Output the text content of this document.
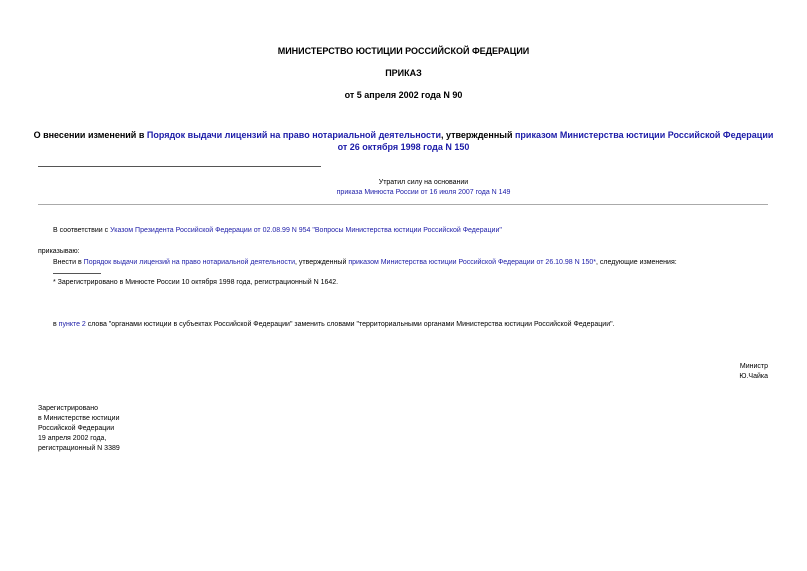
МИНИСТЕРСТВО ЮСТИЦИИ РОССИЙСКОЙ ФЕДЕРАЦИИ
ПРИКАЗ
от 5 апреля 2002 года N 90
О внесении изменений в Порядок выдачи лицензий на право нотариальной деятельности, утвержденный приказом Министерства юстиции Российской Федерации
от 26 октября 1998 года N 150
Утратил силу на основании
приказа Минюста России от 16 июля 2007 года N 149
В соответствии с Указом Президента Российской Федерации от 02.08.99 N 954 "Вопросы Министерства юстиции Российской Федерации"
приказываю:
Внести в Порядок выдачи лицензий на право нотариальной деятельности, утвержденный приказом Министерства юстиции Российской Федерации от 26.10.98 N 150*, следующие изменения:
* Зарегистрировано в Минюсте России 10 октября 1998 года, регистрационный N 1642.
в пункте 2 слова "органами юстиции в субъектах Российской Федерации" заменить словами "территориальными органами Министерства юстиции Российской Федерации".
Министр
Ю.Чайка
Зарегистрировано
в Министерстве юстиции
Российской Федерации
19 апреля 2002 года,
регистрационный N 3389
